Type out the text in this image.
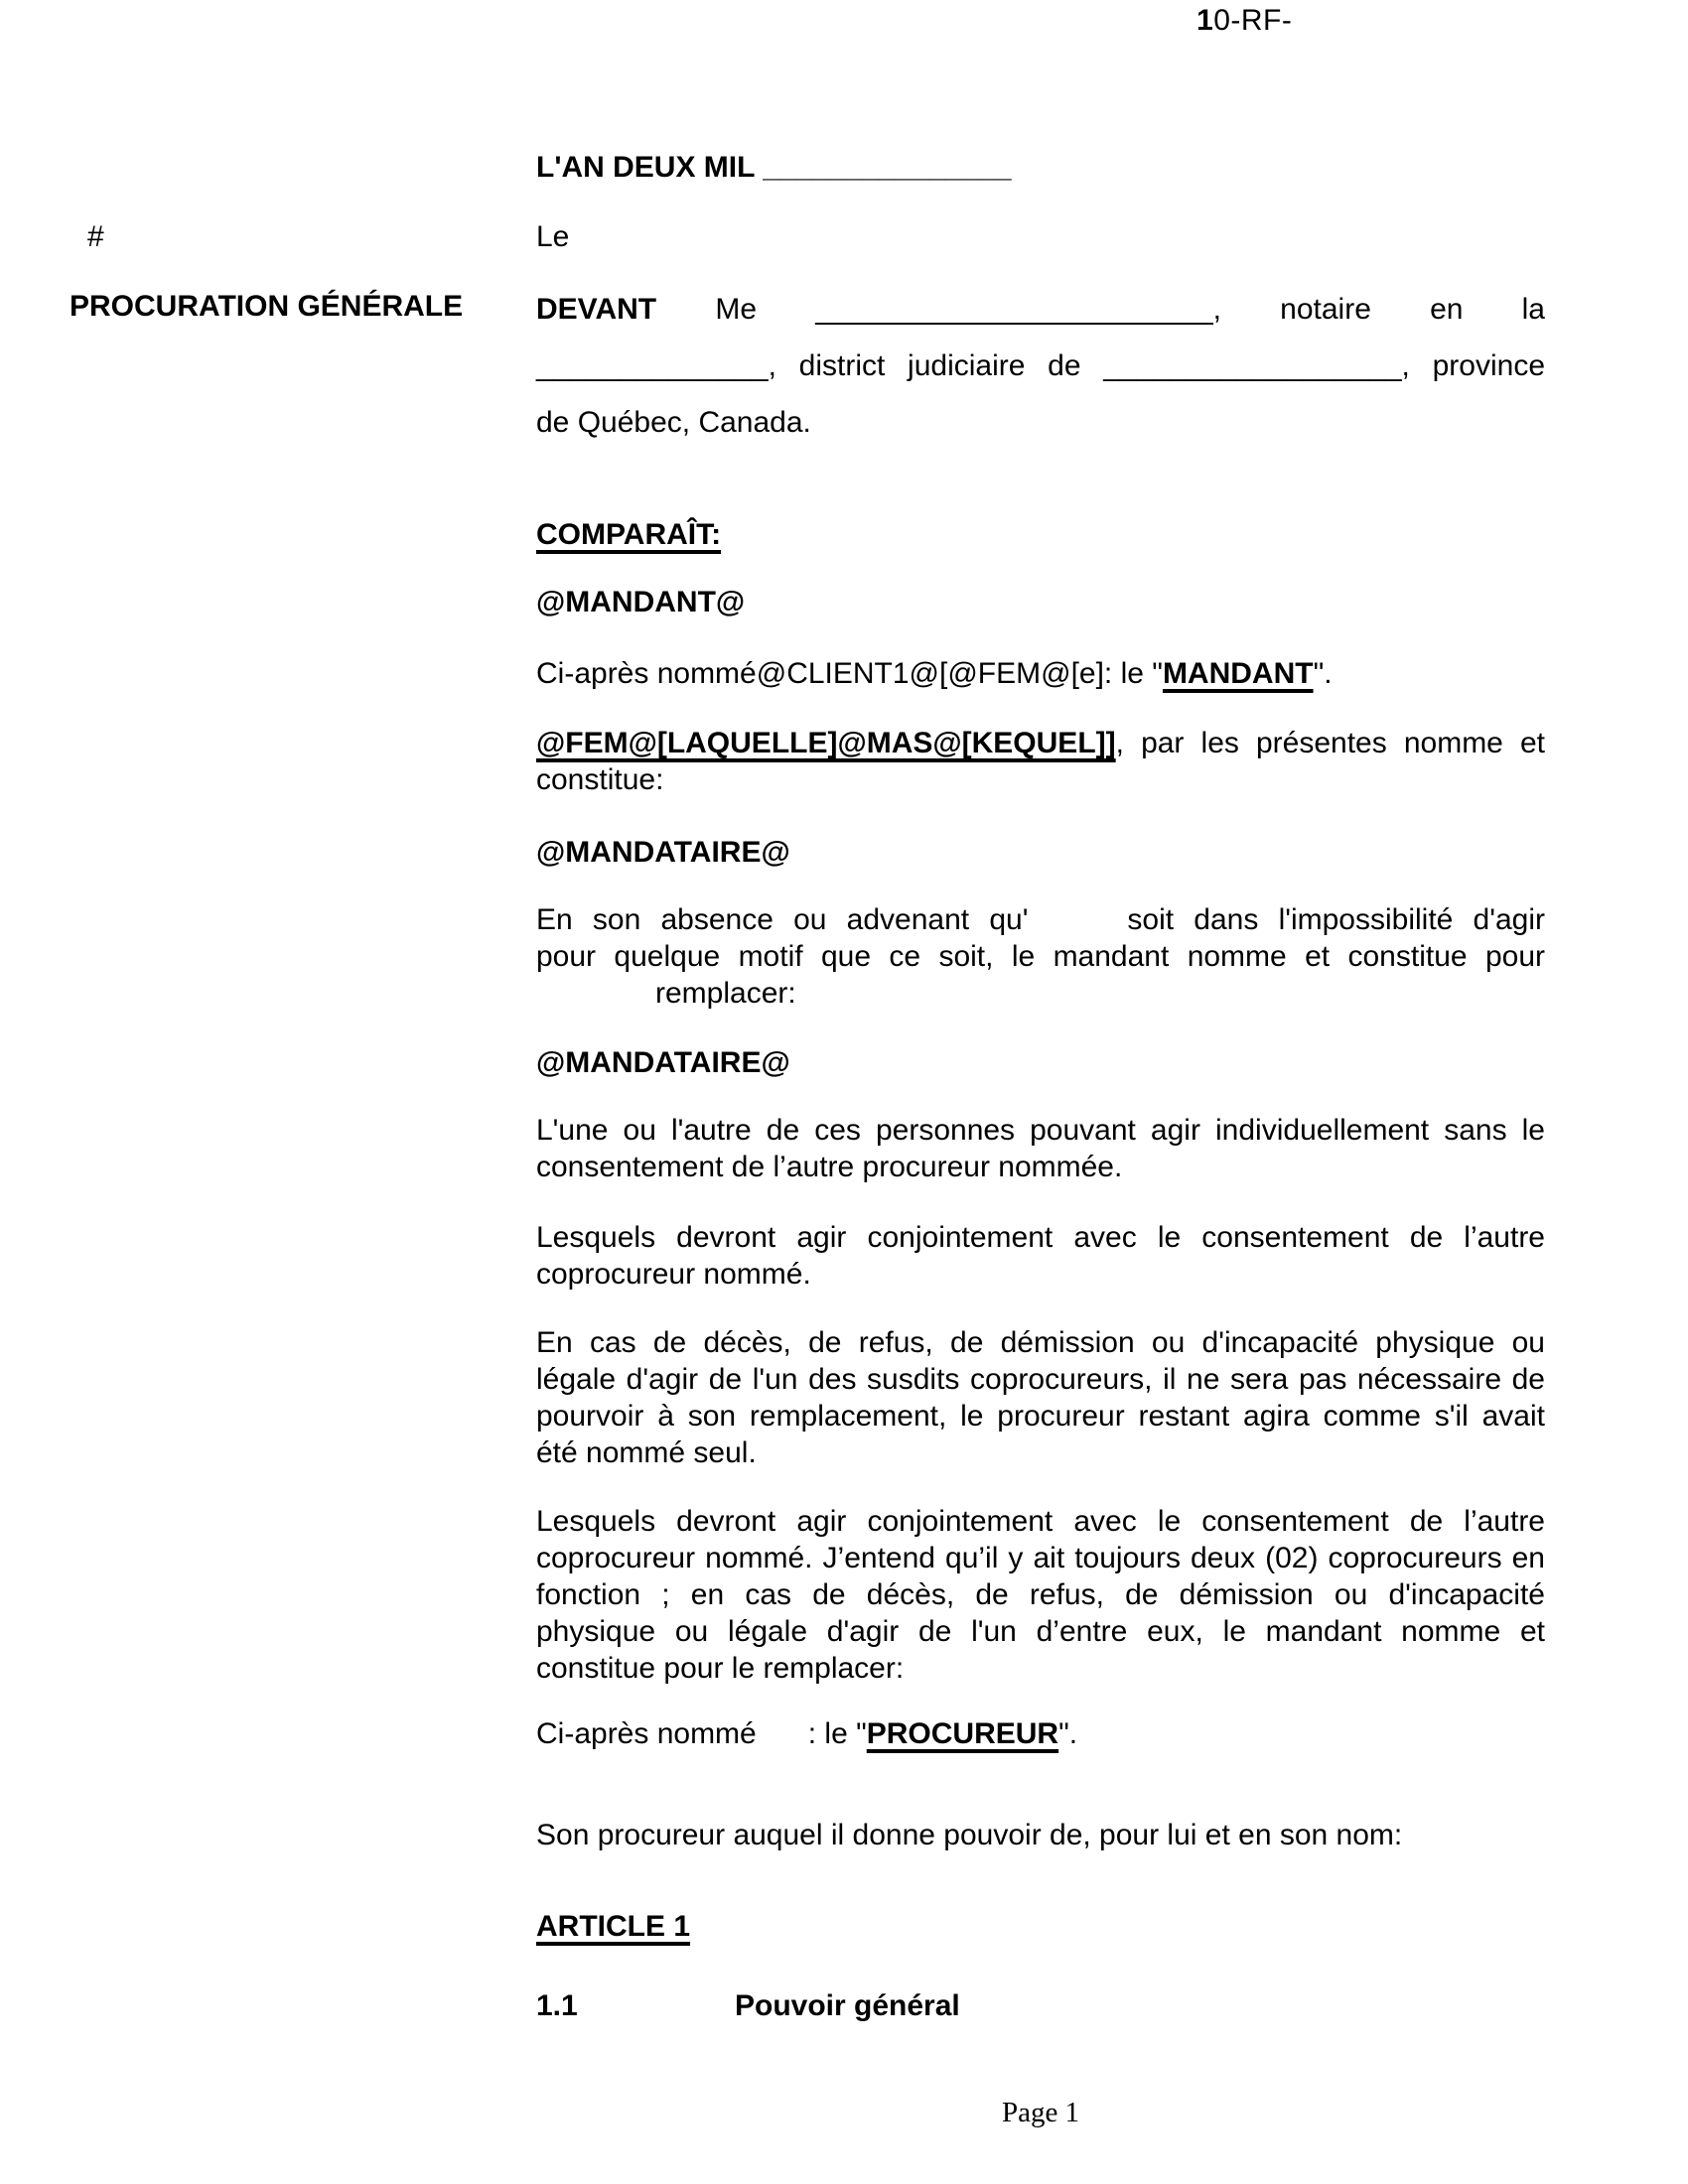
10-RF-
#
PROCURATION GÉNÉRALE
L'AN DEUX MIL _______________
Le
DEVANT Me ________________________, notaire en la
______________, district judiciaire de __________________, province
de Québec, Canada.
COMPARAÎT:
@MANDANT@
Ci-après nommé@CLIENT1@[@FEM@[e]: le "MANDANT".
@FEM@[LAQUELLE]@MAS@[KEQUEL]], par les présentes nomme et
constitue:
@MANDATAIRE@
En son absence ou advenant qu'	soit dans l'impossibilité d'agir
pour quelque motif que ce soit, le mandant nomme et constitue pour
remplacer:
@MANDATAIRE@
L'une ou l'autre de ces personnes pouvant agir individuellement sans le
consentement de l’autre procureur nommée.
Lesquels devront agir conjointement avec le consentement de l’autre
coprocureur nommé.
En cas de décès, de refus, de démission ou d'incapacité physique ou
légale d'agir de l'un des susdits coprocureurs, il ne sera pas nécessaire de
pourvoir à son remplacement, le procureur restant agira comme s'il avait
été nommé seul.
Lesquels devront agir conjointement avec le consentement de l’autre
coprocureur nommé. J’entend qu’il y ait toujours deux (02) coprocureurs en
fonction ; en cas de décès, de refus, de démission ou d'incapacité
physique ou légale d'agir de l'un d’entre eux, le mandant nomme et
constitue pour le remplacer:
Ci-après nommé : le "PROCUREUR".
Son procureur auquel il donne pouvoir de, pour lui et en son nom:
ARTICLE 1
1.1	Pouvoir général
Page 1
